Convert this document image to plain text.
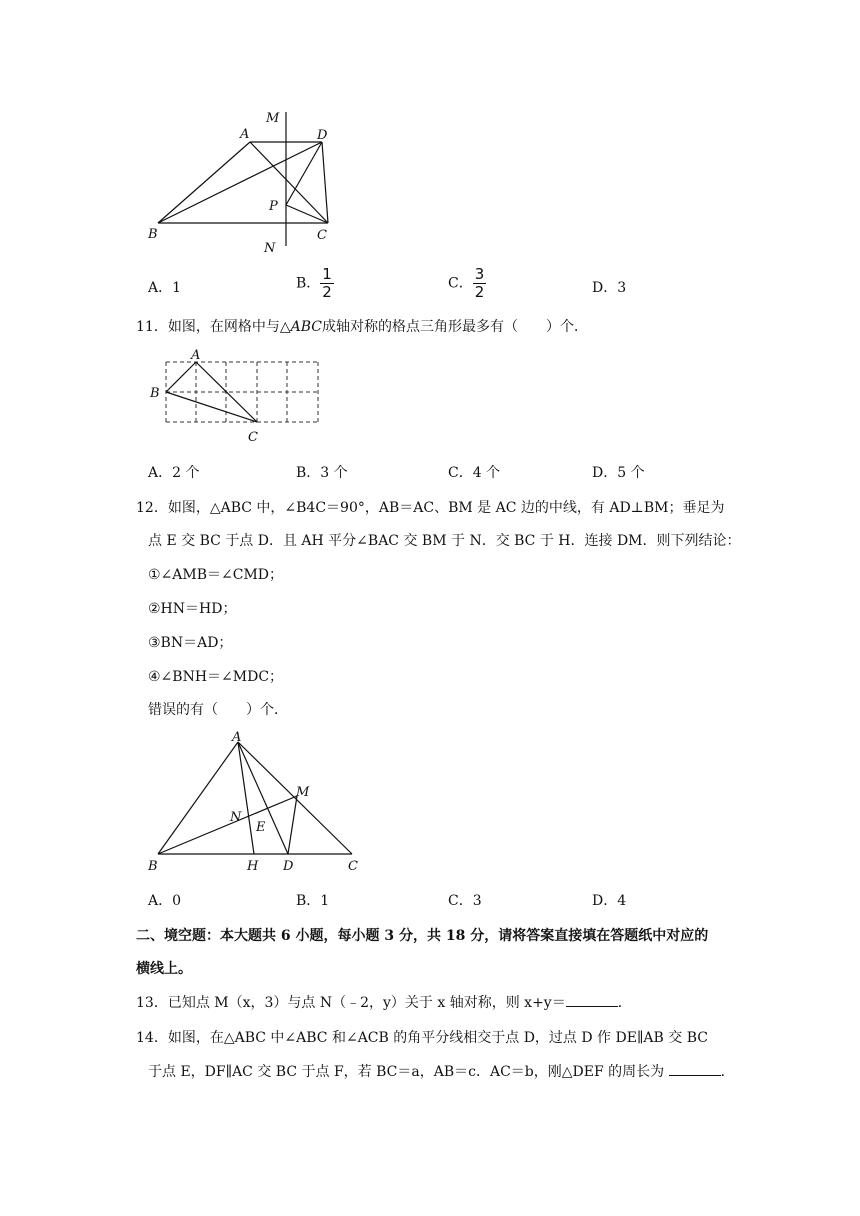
M
A	D
P
B	C
N
A．1	B． $\frac{1}{2}$	C． $\frac{3}{2}$	D．3
11．如图，在网格中与△ABC成轴对称的格点三角形最多有（　　）个．
A
B
C
A．2 个	B．3 个	C．4 个	D．5 个
12．如图，△ABC 中，∠B4C＝90°，AB＝AC、BM 是 AC 边的中线，有 AD⊥BM；垂足为
点 E 交 BC 于点 D．且 AH 平分∠BAC 交 BM 于 N．交 BC 于 H．连接 DM．则下列结论：
①∠AMB＝∠CMD；
②HN＝HD；
③BN＝AD；
④∠BNH＝∠MDC；
错误的有（　　）个．
A
M
N
E
B	H D	C
A．0	B．1	C．3	D．4
二、境空题：本大题共 6 小题，每小题 3 分，共 18 分，请将答案直接填在答题纸中对应的
横线上。
13．已知点 M（x，3）与点 N（﹣2，y）关于 x 轴对称，则 x+y＝	．
14．如图，在△ABC 中∠ABC 和∠ACB 的角平分线相交于点 D，过点 D 作 DE∥AB 交 BC
于点 E，DF∥AC 交 BC 于点 F，若 BC＝a，AB＝c．AC＝b，刚△DEF 的周长为	．
